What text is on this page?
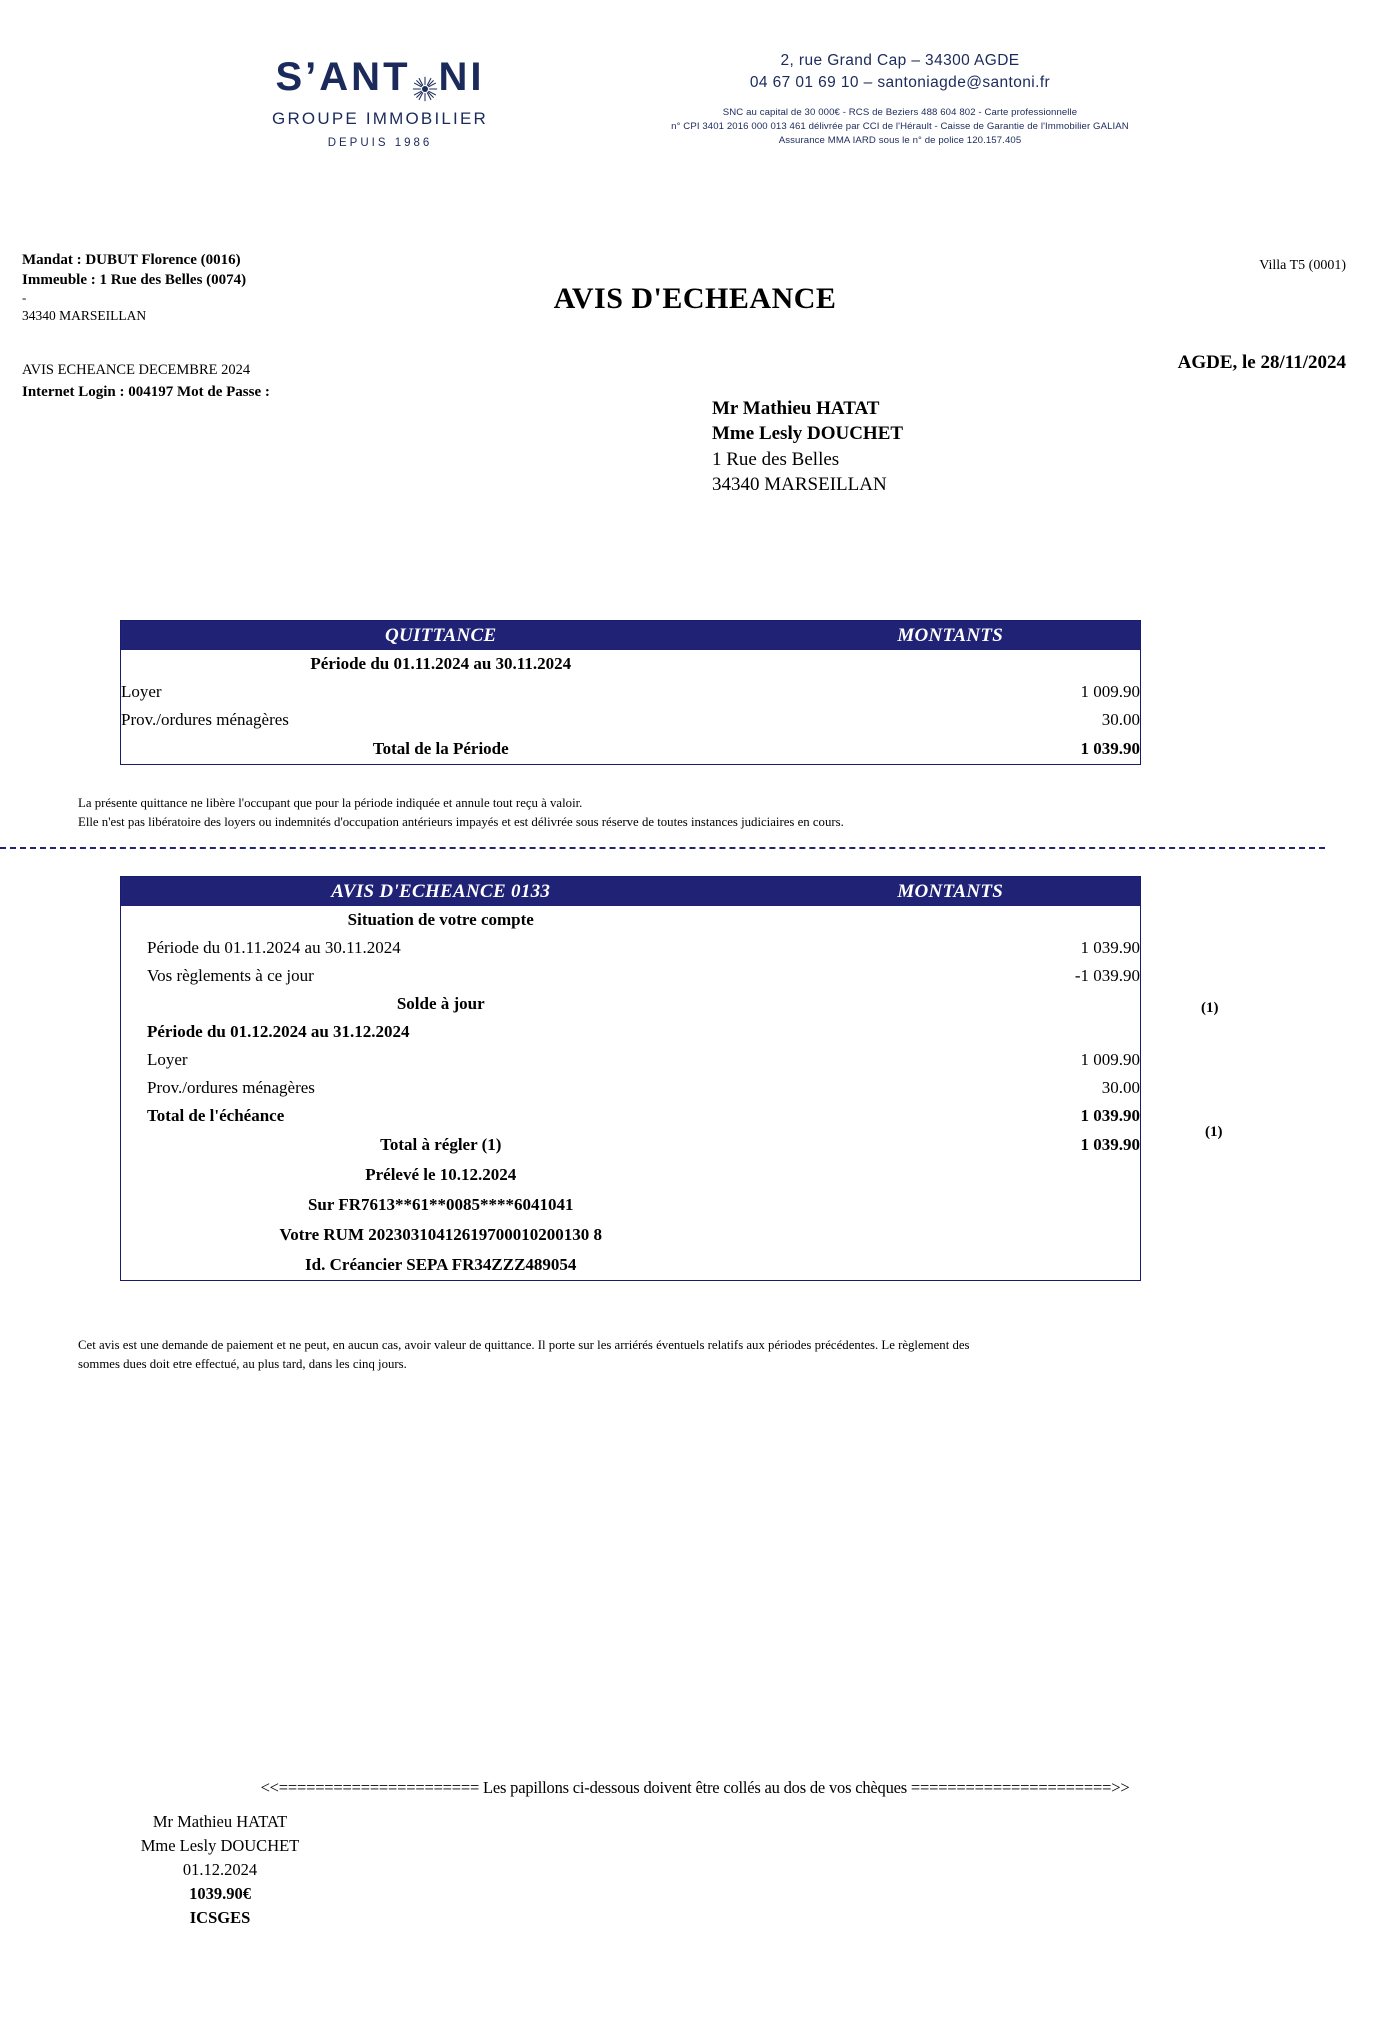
S’ANT NI
GROUPE IMMOBILIER
DEPUIS 1986
2, rue Grand Cap – 34300 AGDE
04 67 01 69 10 – santoniagde@santoni.fr
SNC au capital de 30 000€ - RCS de Beziers 488 604 802 - Carte professionnelle
n° CPI 3401 2016 000 013 461 délivrée par CCI de l'Hérault - Caisse de Garantie de l'Immobilier GALIAN
Assurance MMA IARD sous le n° de police 120.157.405
Mandat : DUBUT Florence (0016)
Immeuble : 1 Rue des Belles (0074)
-
34340 MARSEILLAN
AVIS ECHEANCE DECEMBRE 2024
Internet Login : 004197 Mot de Passe :
Villa T5 (0001)
AVIS D'ECHEANCE
AGDE, le 28/11/2024
Mr Mathieu HATAT
Mme Lesly DOUCHET
1 Rue des Belles
34340 MARSEILLAN
QUITTANCE	MONTANTS
Période du 01.11.2024 au 30.11.2024	
Loyer	1 009.90
Prov./ordures ménagères	30.00
Total de la Période	1 039.90
La présente quittance ne libère l'occupant que pour la période indiquée et annule tout reçu à valoir.
Elle n'est pas libératoire des loyers ou indemnités d'occupation antérieurs impayés et est délivrée sous réserve de toutes instances judiciaires en cours.
AVIS D'ECHEANCE 0133	MONTANTS
Situation de votre compte	
Période du 01.11.2024 au 30.11.2024	1 039.90
Vos règlements à ce jour	-1 039.90
Solde à jour	
Période du 01.12.2024 au 31.12.2024	
Loyer	1 009.90
Prov./ordures ménagères	30.00
Total de l'échéance	1 039.90
Total à régler (1)	1 039.90
Prélevé le 10.12.2024	
Sur FR7613**61**0085****6041041	
Votre RUM 20230310412619700010200130 8	
Id. Créancier SEPA FR34ZZZ489054	
(1)
(1)
Cet avis est une demande de paiement et ne peut, en aucun cas, avoir valeur de quittance. Il porte sur les arriérés éventuels relatifs aux périodes précédentes. Le règlement des
sommes dues doit etre effectué, au plus tard, dans les cinq jours.
<<====================== Les papillons ci-dessous doivent être collés au dos de vos chèques ======================>>
Mr Mathieu HATAT
Mme Lesly DOUCHET
01.12.2024
1039.90€
ICSGES
